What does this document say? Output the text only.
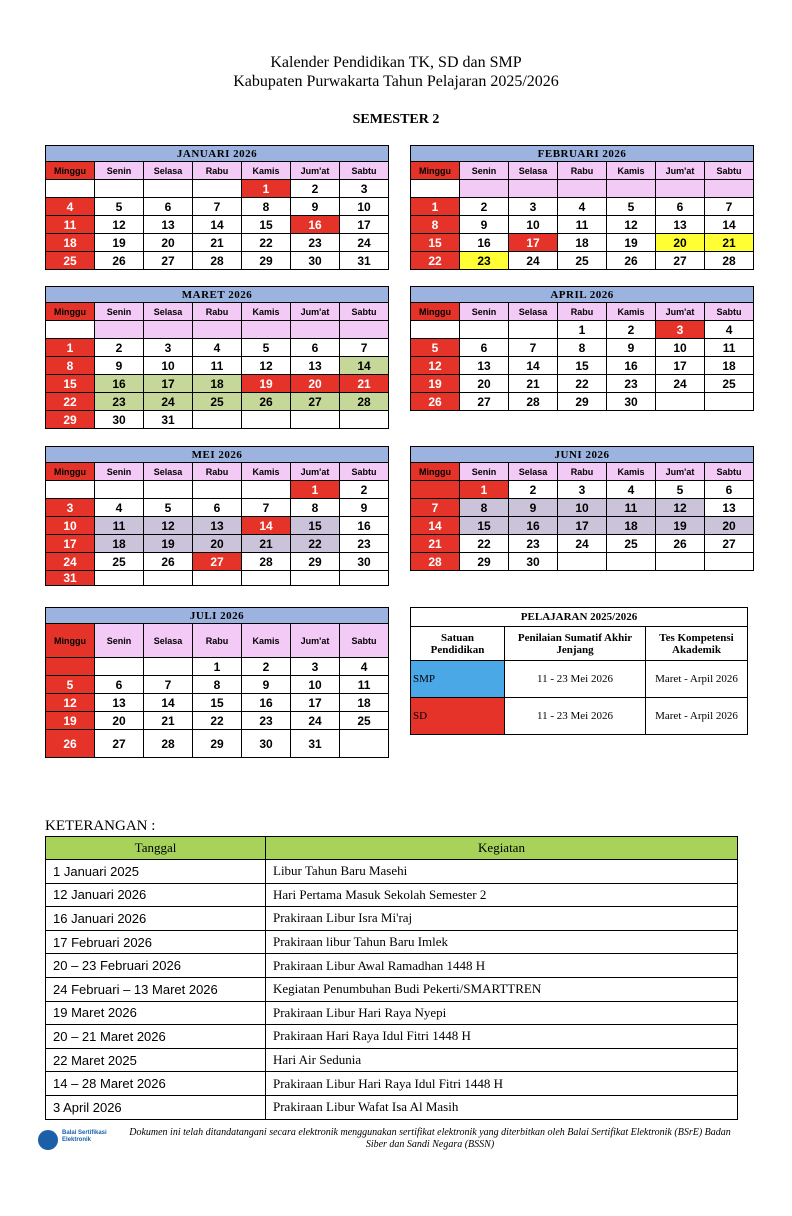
Kalender Pendidikan TK, SD dan SMP
Kabupaten Purwakarta Tahun Pelajaran 2025/2026
SEMESTER 2
JANUARI 2026						
Minggu	Senin	Selasa	Rabu	Kamis	Jum'at	Sabtu
				1	2	3
4	5	6	7	8	9	10
11	12	13	14	15	16	17
18	19	20	21	22	23	24
25	26	27	28	29	30	31
FEBRUARI 2026						
Minggu	Senin	Selasa	Rabu	Kamis	Jum'at	Sabtu

1	2	3	4	5	6	7
8	9	10	11	12	13	14
15	16	17	18	19	20	21
22	23	24	25	26	27	28
MARET 2026						
Minggu	Senin	Selasa	Rabu	Kamis	Jum'at	Sabtu

1	2	3	4	5	6	7
8	9	10	11	12	13	14
15	16	17	18	19	20	21
22	23	24	25	26	27	28
29	30	31				
APRIL 2026						
Minggu	Senin	Selasa	Rabu	Kamis	Jum'at	Sabtu
			1	2	3	4
5	6	7	8	9	10	11
12	13	14	15	16	17	18
19	20	21	22	23	24	25
26	27	28	29	30		
MEI 2026						
Minggu	Senin	Selasa	Rabu	Kamis	Jum'at	Sabtu
					1	2
3	4	5	6	7	8	9
10	11	12	13	14	15	16
17	18	19	20	21	22	23
24	25	26	27	28	29	30
31						
JUNI 2026						
Minggu	Senin	Selasa	Rabu	Kamis	Jum'at	Sabtu
	1	2	3	4	5	6
7	8	9	10	11	12	13
14	15	16	17	18	19	20
21	22	23	24	25	26	27
28	29	30				
JULI 2026						
Minggu	Senin	Selasa	Rabu	Kamis	Jum'at	Sabtu
			1	2	3	4
5	6	7	8	9	10	11
12	13	14	15	16	17	18
19	20	21	22	23	24	25
26	27	28	29	30	31	
PELAJARAN 2025/2026		
Satuan Pendidikan	Penilaian Sumatif Akhir Jenjang	Tes Kompetensi Akademik
SMP	11 - 23 Mei 2026	Maret - Arpil 2026
SD	11 - 23 Mei 2026	Maret - Arpil 2026
KETERANGAN :
Tanggal	Kegiatan
1 Januari 2025	Libur Tahun Baru Masehi
12 Januari 2026	Hari Pertama Masuk Sekolah Semester 2
16 Januari 2026	Prakiraan Libur Isra Mi'raj
17 Februari 2026	Prakiraan libur Tahun Baru Imlek
20 – 23 Februari 2026	Prakiraan Libur Awal Ramadhan 1448 H
24 Februari – 13 Maret 2026	Kegiatan Penumbuhan Budi Pekerti/SMARTTREN
19 Maret 2026	Prakiraan Libur Hari Raya Nyepi
20 – 21 Maret 2026	Prakiraan Hari Raya Idul Fitri 1448 H
22 Maret 2025	Hari Air Sedunia
14 – 28 Maret 2026	Prakiraan Libur Hari Raya Idul Fitri 1448 H
3 April 2026	Prakiraan Libur Wafat Isa Al Masih
Balai Sertifikasi Elektronik
Dokumen ini telah ditandatangani secara elektronik menggunakan sertifikat elektronik yang diterbitkan oleh Balai Sertifikat Elektronik (BSrE) Badan Siber dan Sandi Negara (BSSN)
